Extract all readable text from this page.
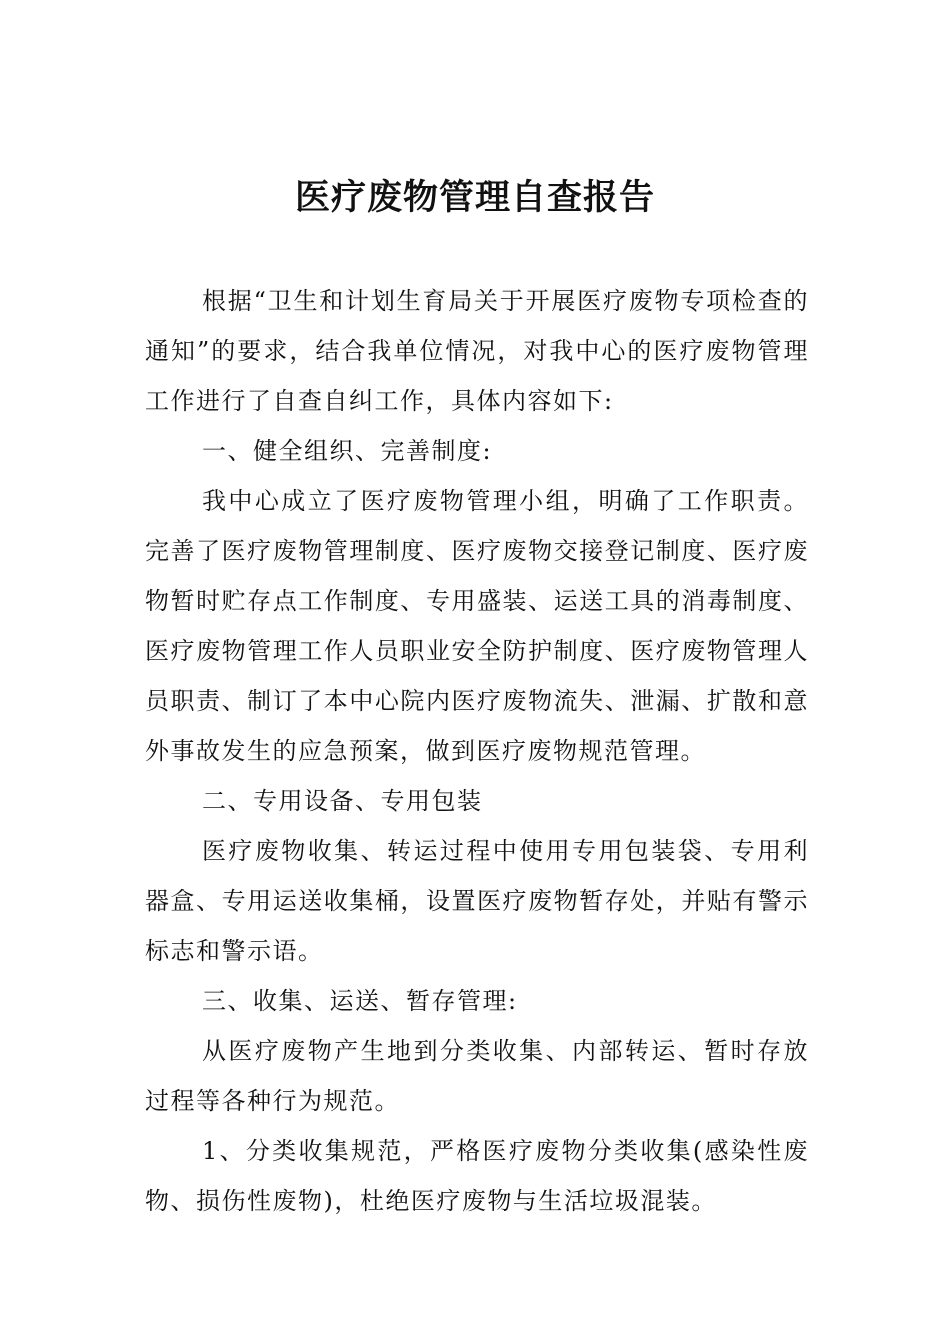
医疗废物管理自查报告

根据“卫生和计划生育局关于开展医疗废物专项检查的通知”的要求，结合我单位情况，对我中心的医疗废物管理工作进行了自查自纠工作，具体内容如下:

一、健全组织、完善制度:

我中心成立了医疗废物管理小组，明确了工作职责。完善了医疗废物管理制度、医疗废物交接登记制度、医疗废物暂时贮存点工作制度、专用盛装、运送工具的消毒制度、医疗废物管理工作人员职业安全防护制度、医疗废物管理人员职责、制订了本中心院内医疗废物流失、泄漏、扩散和意外事故发生的应急预案，做到医疗废物规范管理。

二、专用设备、专用包装

医疗废物收集、转运过程中使用专用包装袋、专用利器盒、专用运送收集桶，设置医疗废物暂存处，并贴有警示标志和警示语。

三、收集、运送、暂存管理:

从医疗废物产生地到分类收集、内部转运、暂时存放过程等各种行为规范。

1、分类收集规范，严格医疗废物分类收集(感染性废物、损伤性废物)，杜绝医疗废物与生活垃圾混装。
